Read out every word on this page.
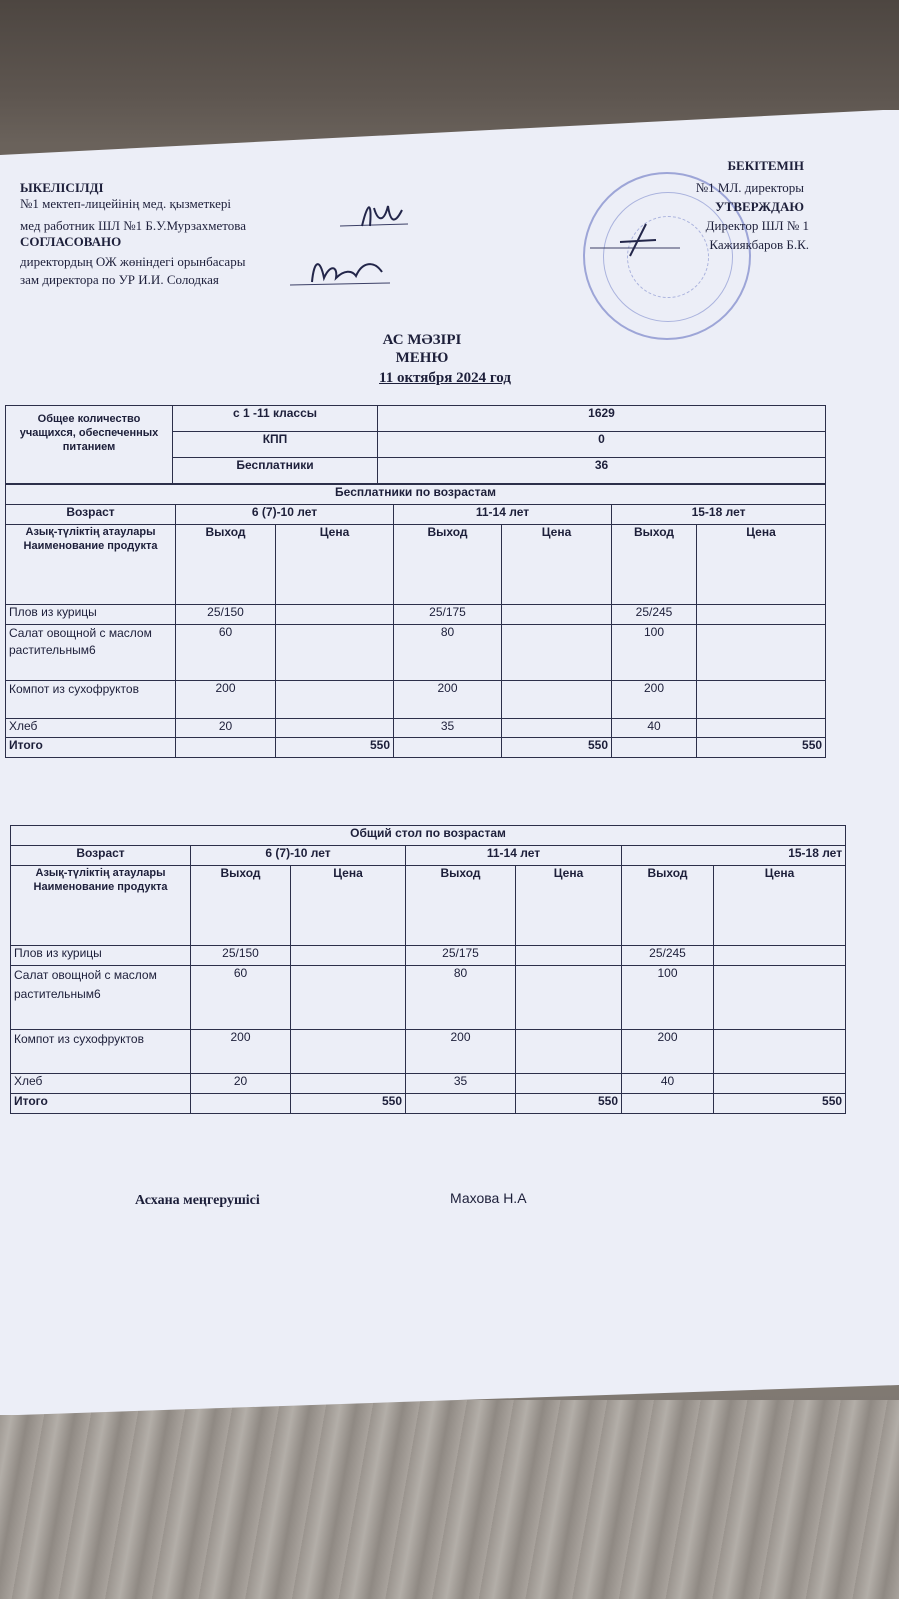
ЫКЕЛІСІЛДІ
№1 мектеп-лицейінің мед. қызметкері
мед работник ШЛ №1 Б.У.Мурзахметова
СОГЛАСОВАНО
директордың ОЖ жөніндегі орынбасары
зам директора по УР И.И. Солодкая
БЕКІТЕМІН
№1 МЛ. директоры
УТВЕРЖДАЮ
Директор ШЛ № 1
Кажиякбаров Б.К.
АС МӘЗІРІ
МЕНЮ
11 октября 2024 год
Общее количество учащихся, обеспеченных питанием	с 1 -11 классы	1629
	КПП	0
	Бесплатники	36
Бесплатники по возрастам						
Возраст	6 (7)-10 лет		11-14 лет		15-18 лет	
Азық-түліктің атаулары Наименование продукта	Выход	Цена	Выход	Цена	Выход	Цена
Плов из курицы	25/150		25/175		25/245	
Салат овощной с маслом растительным6	60		80		100	
Компот из сухофруктов	200		200		200	
Хлеб	20		35		40	
Итого		550		550		550
Общий стол по возрастам						
Возраст	6 (7)-10 лет		11-14 лет		15-18 лет	
Азық-түліктің атаулары Наименование продукта	Выход	Цена	Выход	Цена	Выход	Цена
Плов из курицы	25/150		25/175		25/245	
Салат овощной с маслом растительным6	60		80		100	
Компот из сухофруктов	200		200		200	
Хлеб	20		35		40	
Итого		550		550		550
Асхана меңгерушісі	Махова Н.А
